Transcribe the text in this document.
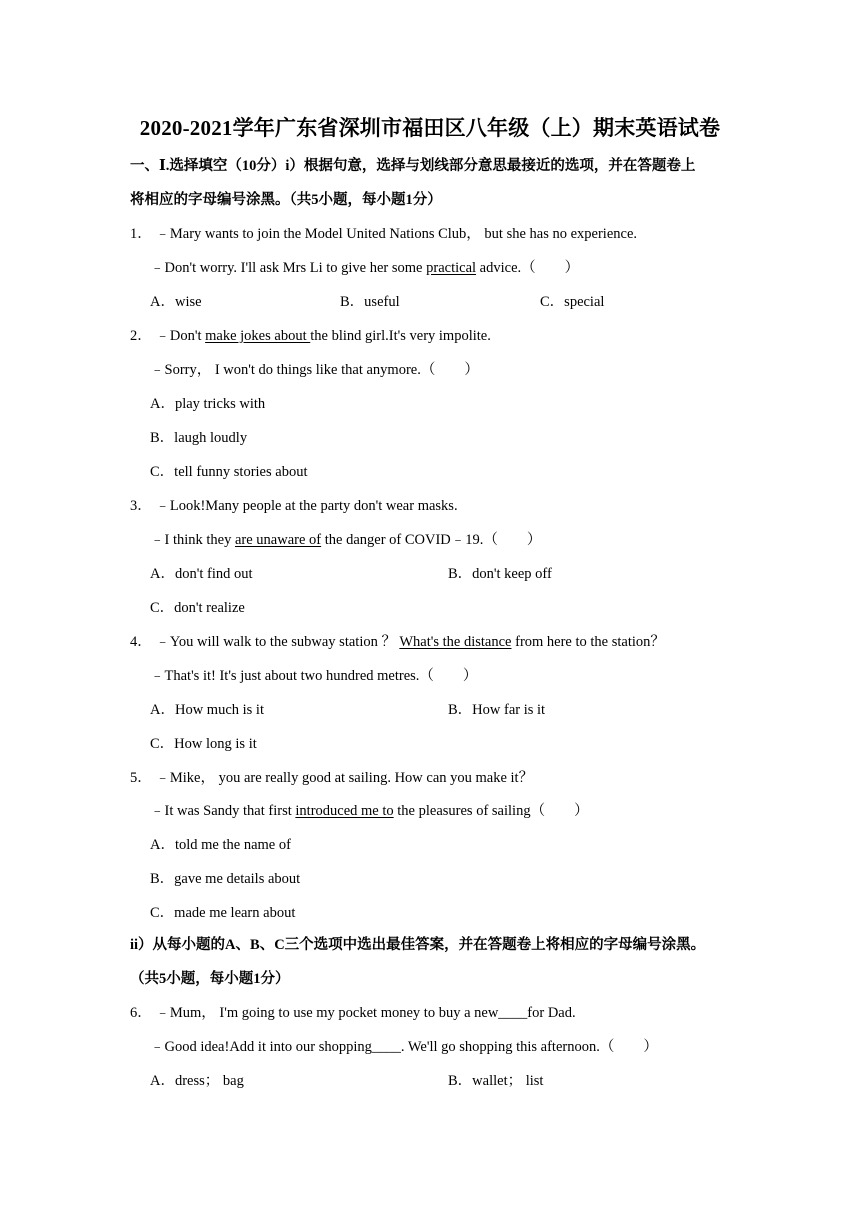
2020-2021学年广东省深圳市福田区八年级（上）期末英语试卷
一、Ⅰ.选择填空（10分）i）根据句意，选择与划线部分意思最接近的选项，并在答题卷上
将相应的字母编号涂黑。（共5小题，每小题1分）
1． ﹣Mary wants to join the Model United Nations Club， but she has no experience.
﹣Don't worry. I'll ask Mrs Li to give her some practical advice.（　　）
A．wise	B．useful	C．special
2． ﹣Don't make jokes about the blind girl.It's very impolite.
﹣Sorry， I won't do things like that anymore.（　　）
A．play tricks with
B．laugh loudly
C．tell funny stories about
3． ﹣Look!Many people at the party don't wear masks.
﹣I think they are unaware of the danger of COVID﹣19.（　　）
A．don't find out	B．don't keep off
C．don't realize
4． ﹣You will walk to the subway station ？ What's the distance from here to the station？
﹣That's it! It's just about two hundred metres.（　　）
A．How much is it	B．How far is it
C．How long is it
5． ﹣Mike， you are really good at sailing. How can you make it？
﹣It was Sandy that first introduced me to the pleasures of sailing（　　）
A．told me the name of
B．gave me details about
C．made me learn about
ii）从每小题的A、B、C三个选项中选出最佳答案，并在答题卷上将相应的字母编号涂黑。
（共5小题，每小题1分）
6． ﹣Mum， I'm going to use my pocket money to buy a new____for Dad.
﹣Good idea!Add it into our shopping____. We'll go shopping this afternoon.（　　）
A．dress； bag	B．wallet； list
